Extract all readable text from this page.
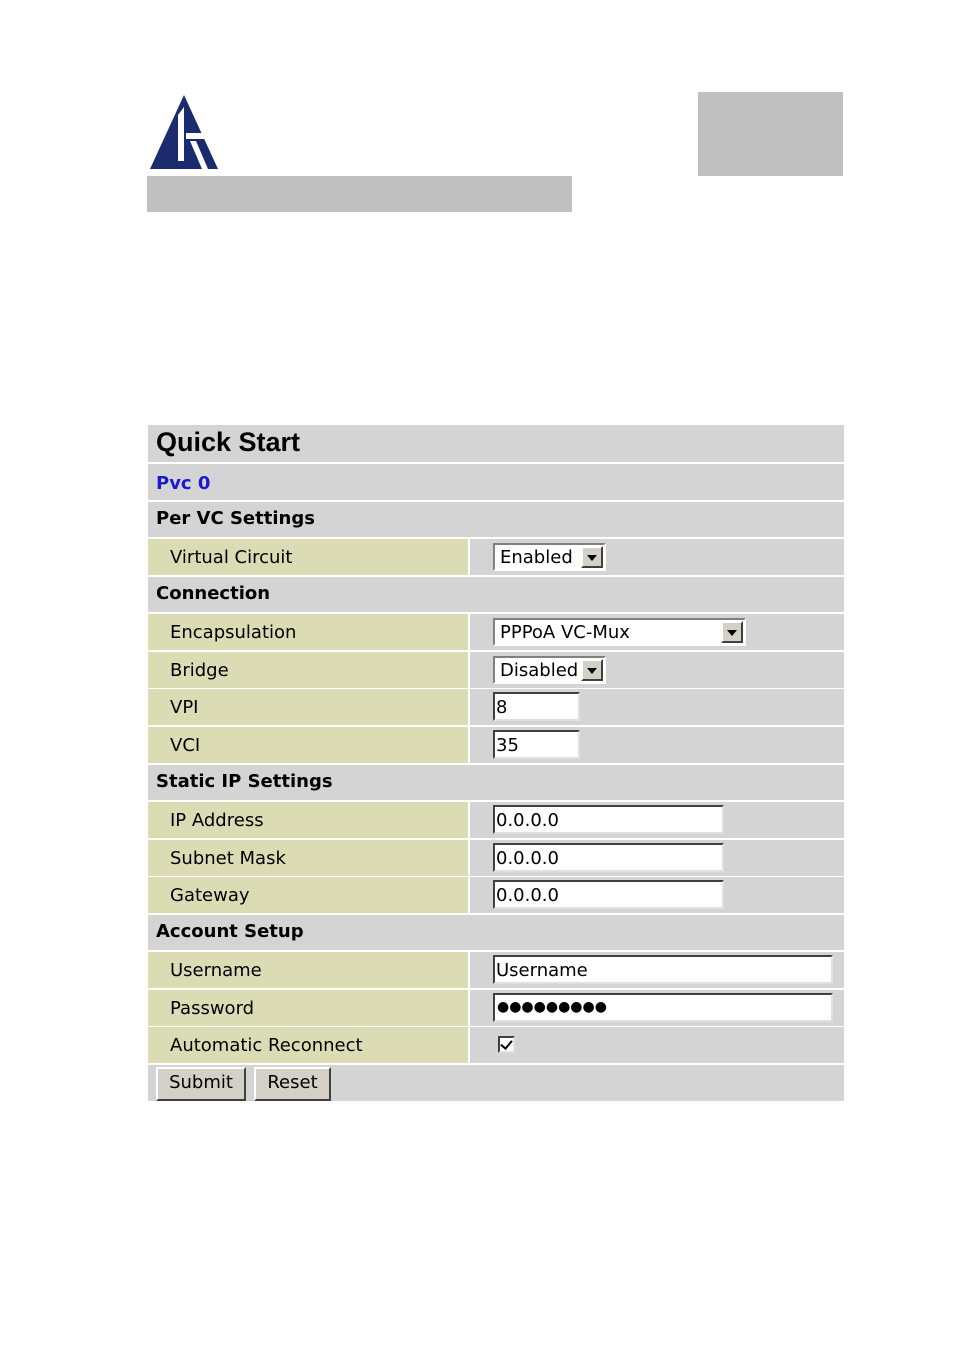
Quick Start
Pvc 0
Per VC Settings
Virtual Circuit	Enabled
Connection
Encapsulation	PPPoA VC-Mux
Bridge	Disabled
VPI	8
VCI	35
Static IP Settings
IP Address	0.0.0.0
Subnet Mask	0.0.0.0
Gateway	0.0.0.0
Account Setup
Username	Username
Password	●●●●●●●●●
Automatic Reconnect
Submit	Reset
